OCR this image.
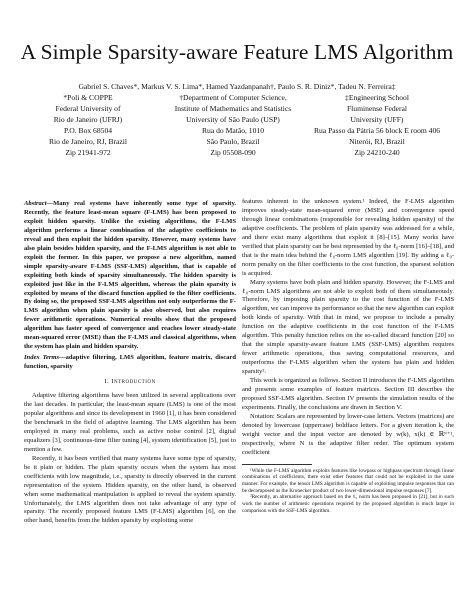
A Simple Sparsity-aware Feature LMS Algorithm
Gabriel S. Chaves*, Markus V. S. Lima*, Hamed Yazdanpanah†, Paulo S. R. Diniz*, Tadeu N. Ferreira‡
*Poli & COPPE
Federal University of
Rio de Janeiro (UFRJ)
P.O. Box 68504
Rio de Janeiro, RJ, Brazil
Zip 21941-972
†Department of Computer Science,
Institute of Mathematics and Statistics
University of São Paulo (USP)
Rua do Matão, 1010
São Paulo, Brazil
Zip 05508-090
‡Engineering School
Fluminense Federal
University (UFF)
Rua Passo da Pátria 56 block E room 406
Niterói, RJ, Brazil
Zip 24210-240
Abstract—Many real systems have inherently some type of sparsity. Recently, the feature least-mean square (F-LMS) has been proposed to exploit hidden sparsity. Unlike the existing algorithms, the F-LMS algorithm performs a linear combination of the adaptive coefficients to reveal and then exploit the hidden sparsity. However, many systems have also plain besides hidden sparsity, and the F-LMS algorithm is not able to exploit the former. In this paper, we propose a new algorithm, named simple sparsity-aware F-LMS (SSF-LMS) algorithm, that is capable of exploiting both kinds of sparsity simultaneously. The hidden sparsity is exploited just like in the F-LMS algorithm, whereas the plain sparsity is exploited by means of the discard function applied to the filter coefficients. By doing so, the proposed SSF-LMS algorithm not only outperforms the F-LMS algorithm when plain sparsity is also observed, but also requires fewer arithmetic operations. Numerical results show that the proposed algorithm has faster speed of convergence and reaches lower steady-state mean-squared error (MSE) than the F-LMS and classical algorithms, when the system has plain and hidden sparsity.
Index Terms—adaptive filtering, LMS algorithm, feature matrix, discard function, sparsity
I. Introduction

Adaptive filtering algorithms have been utilized in several applications over the last decades. In particular, the least-mean square (LMS) is one of the most popular algorithms and since its development in 1960 [1], it has been considered the benchmark in the field of adaptive learning. The LMS algorithm has been employed in many real problems, such as active noise control [2], digital equalizers [3], continuous-time filter tuning [4], system identification [5], just to mention a few.

Recently, it has been verified that many systems have some type of sparsity, be it plain or hidden. The plain sparsity occurs when the system has most coefficients with low magnitude, i.e., sparsity is directly observed in the current representation of the system. Hidden sparsity, on the other hand, is observed when some mathematical manipulation is applied to reveal the system sparsity. Unfortunately, the LMS algorithm does not take advantage of any type of sparsity. The recently proposed feature LMS (F-LMS) algorithm [6], on the other hand, benefits from the hidden sparsity by exploiting some

features inherent to the unknown system.¹ Indeed, the F-LMS algorithm improves steady-state mean-squared error (MSE) and convergence speed through linear combinations (responsible for revealing hidden sparsity) of the adaptive coefficients. The problem of plain sparsity was addressed for a while, and there exist many algorithms that exploit it [8]–[15]. Many works have verified that plain sparsity can be best represented by the ℓ₀-norm [16]–[18], and that is the main idea behind the ℓ₀-norm LMS algorithm [19]. By adding a ℓ₀-norm penalty on the filter coefficients to the cost function, the sparsest solution is acquired.

Many systems have both plain and hidden sparsity. However, the F-LMS and ℓ₀-norm LMS algorithms are not able to exploit both of them simultaneously. Therefore, by imposing plain sparsity to the cost function of the F-LMS algorithm, we can improve its performance so that the new algorithm can exploit both kinds of sparsity. With that in mind, we propose to include a penalty function on the adaptive coefficients in the cost function of the F-LMS algorithm. This penalty function relies on the so-called discard function [20] so that the simple sparsity-aware feature LMS (SSF-LMS) algorithm requires fewer arithmetic operations, thus saving computational resources, and outperforms the F-LMS algorithm when the system has plain and hidden sparsity².

This work is organized as follows. Section II introduces the F-LMS algorithm and presents some examples of feature matrices. Section III describes the proposed SSF-LMS algorithm. Section IV presents the simulation results of the experiments. Finally, the conclusions are drawn in Section V.

Notation: Scalars are represented by lower-case letters. Vectors (matrices) are denoted by lowercase (uppercase) boldface letters. For a given iteration k, the weight vector and the input vector are denoted by w(k), x(k) ∈ ℝᴺ⁺¹, respectively, where N is the adaptive filter order. The optimum system coefficient

¹While the F-LMS algorithm exploits features like lowpass or highpass spectrum through linear combinations of coefficients, there exist other features that could not be exploited in the same manner. For example, the tensor LMS algorithm is capable of exploiting impulse responses that can be decomposed as the Kronecker product of two lower-dimensional impulse responses [7].

²Recently, an alternative approach based on the ℓ₀ norm has been proposed in [21], but in such work the number of arithmetic operations required by the proposed algorithm is much larger in comparison with the SSF-LMS algorithm.
